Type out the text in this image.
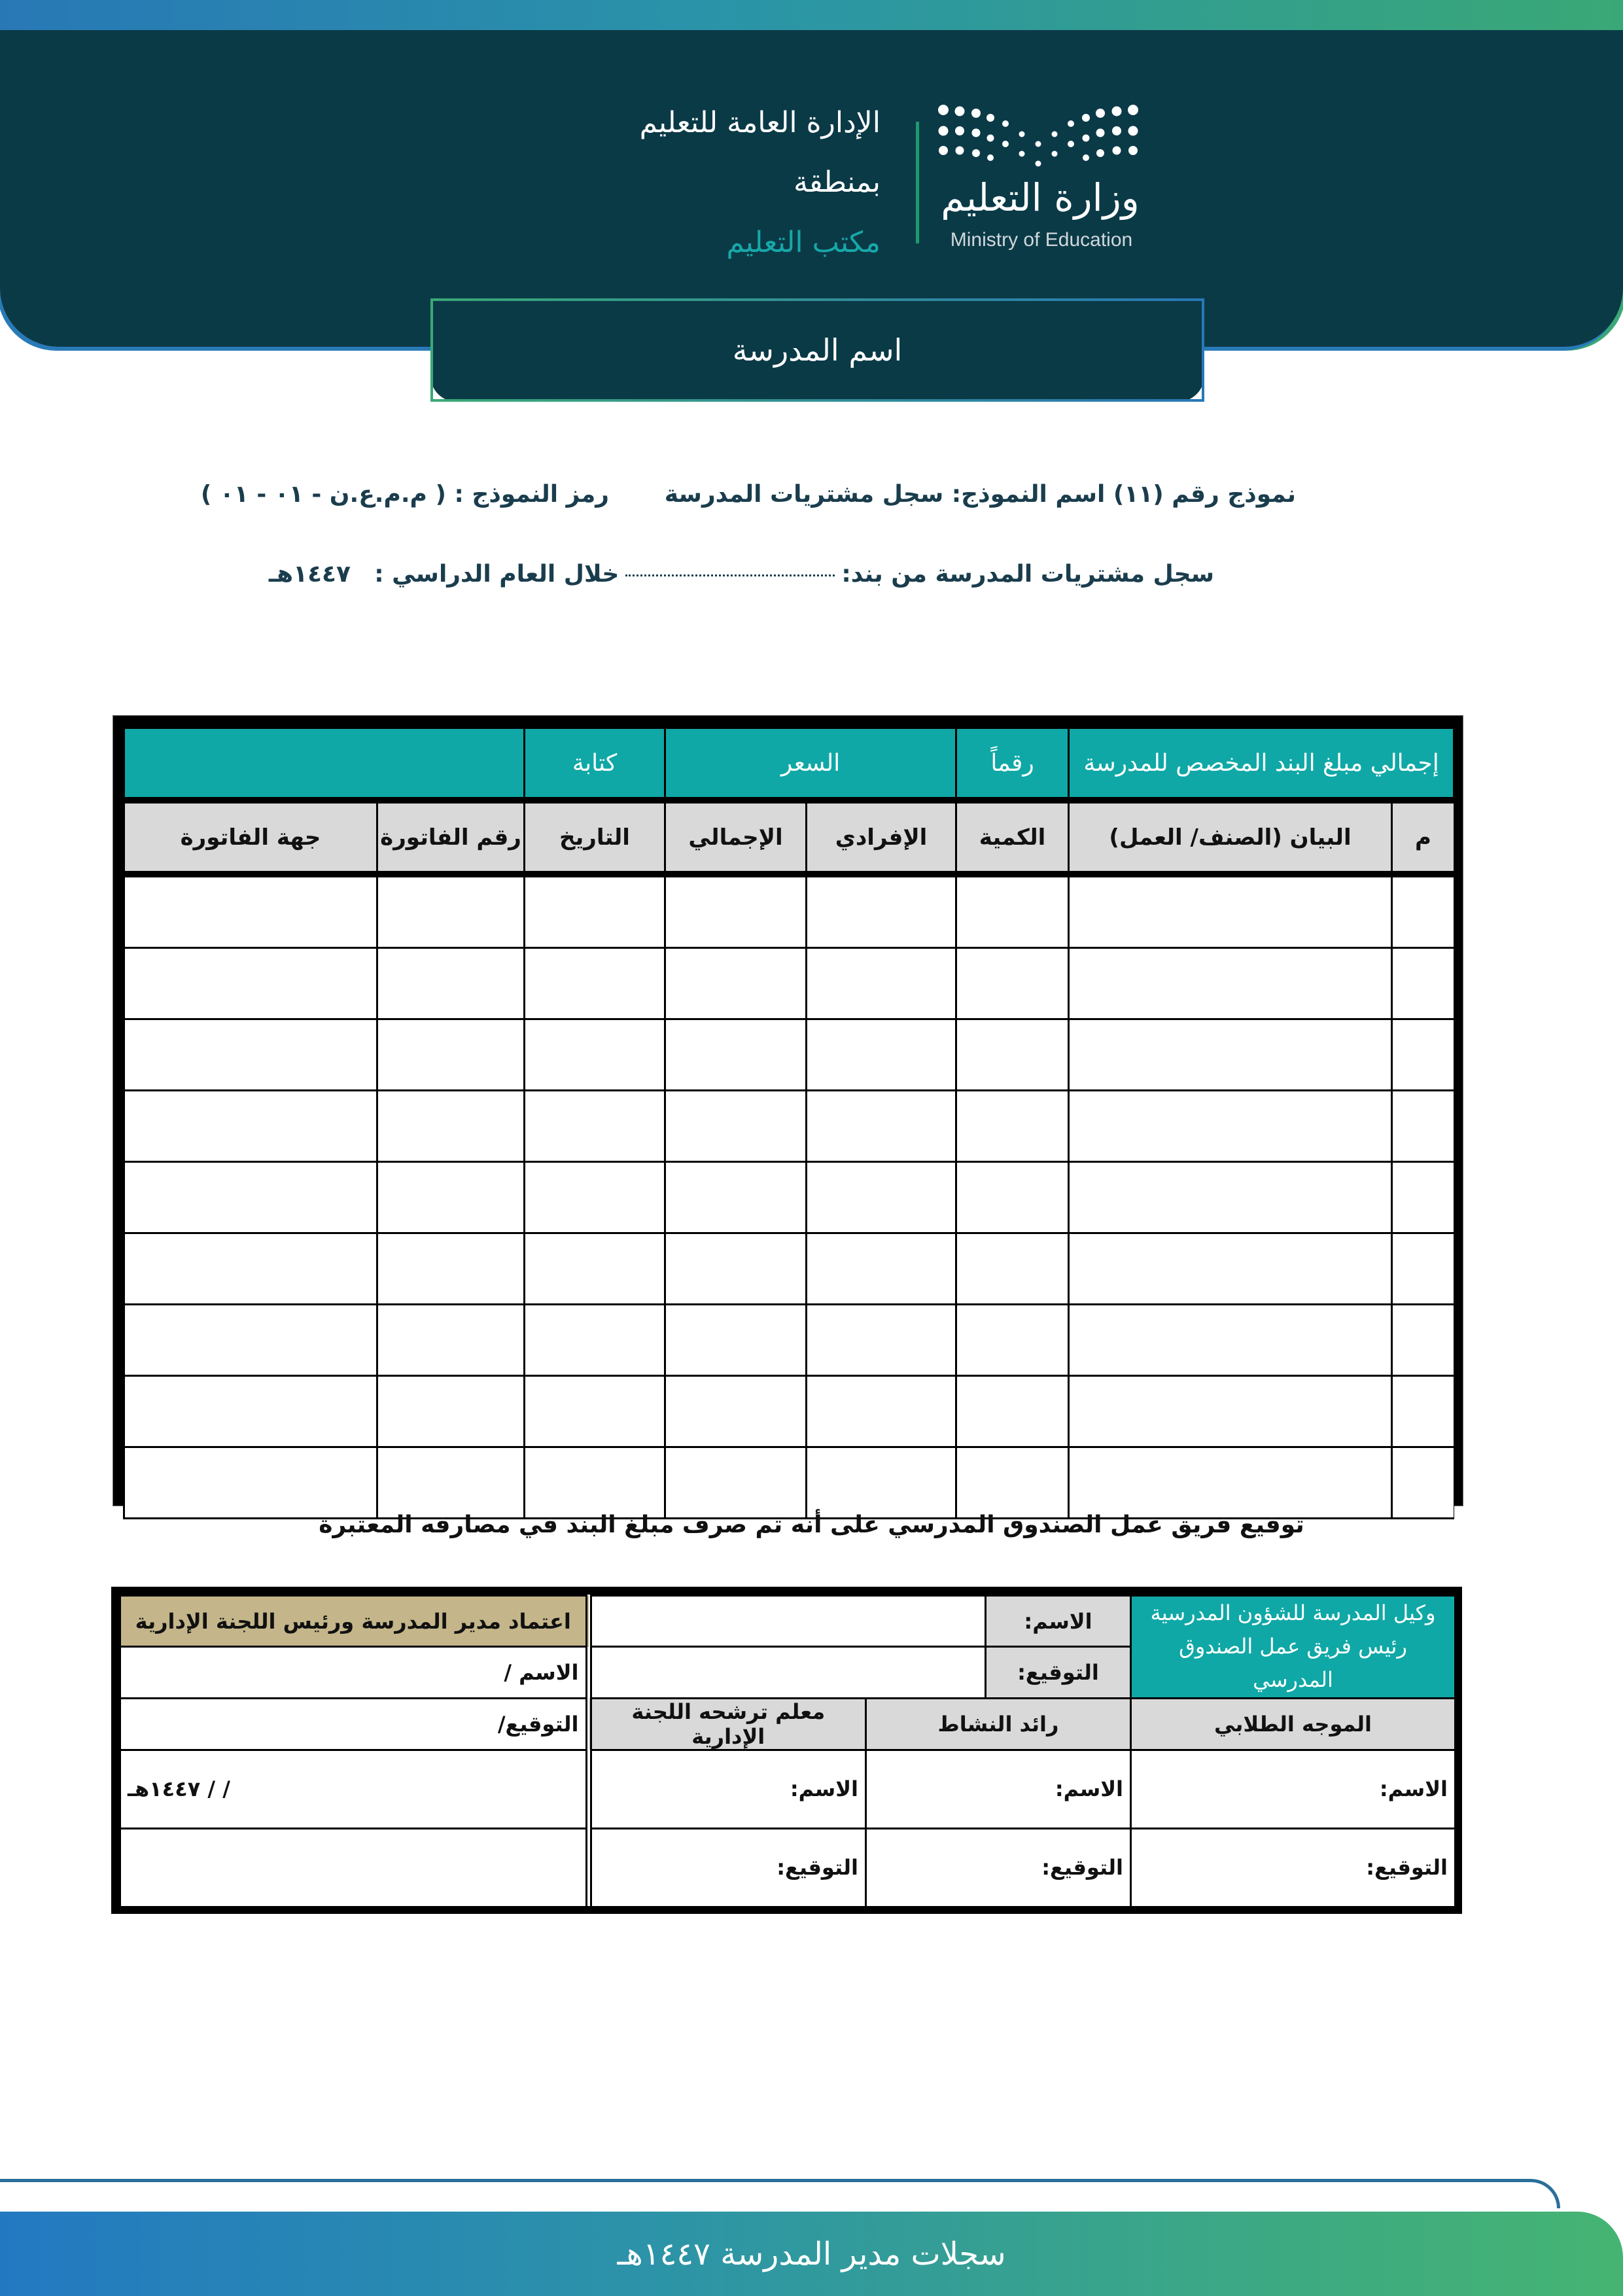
وزارة التعليم
Ministry of Education
الإدارة العامة للتعليم
بمنطقة
مكتب التعليم
اسم المدرسة
نموذج رقم (١١) اسم النموذج: سجل مشتريات المدرسة
رمز النموذج : ( م.م.ع.ن - ٠١ - ٠١ )
سجل مشتريات المدرسة من بند:خلال العام الدراسي :
١٤٤٧هـ
إجمالي مبلغ البند المخصص للمدرسة		رقماً	السعر		كتابة		
م	البيان (الصنف/ العمل)	الكمية	الإفرادي	الإجمالي	التاريخ	رقم الفاتورة	جهة الفاتورة

توقيع فريق عمل الصندوق المدرسي على أنه تم صرف مبلغ البند في مصارفه المعتبرة
وكيل المدرسة للشؤون المدرسية
رئيس فريق عمل الصندوق المدرسي	الاسم:			اعتماد مدير المدرسة ورئيس اللجنة الإدارية
	التوقيع:			الاسم /
الموجه الطلابي	رائد النشاط		معلم ترشحه اللجنة الإدارية	التوقيع/
الاسم:	الاسم:		الاسم:	/ / ١٤٤٧هـ
التوقيع:	التوقيع:		التوقيع:	
سجلات مدير المدرسة ١٤٤٧هـ
